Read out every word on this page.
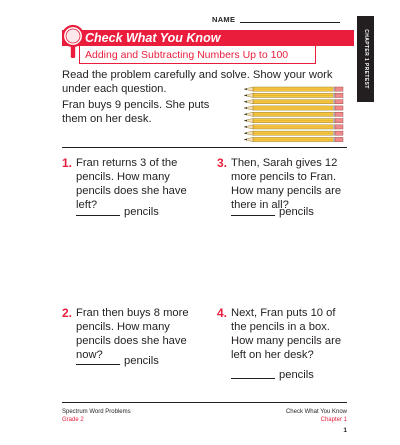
NAME
CHAPTER 1 PRETEST
Check What You Know
Adding and Subtracting Numbers Up to 100

Read the problem carefully and solve. Show your work under each question.

Fran buys 9 pencils. She puts them on her desk.

1. Fran returns 3 of the pencils. How many pencils does she have left?
pencils
3. Then, Sarah gives 12 more pencils to Fran. How many pencils are there in all?
pencils
2. Fran then buys 8 more pencils. How many pencils does she have now?	pencils
4. Next, Fran puts 10 of the pencils in a box. How many pencils are left on her desk?
pencils
Spectrum Word Problems
Grade 2
Check What You Know
Chapter 1
1
